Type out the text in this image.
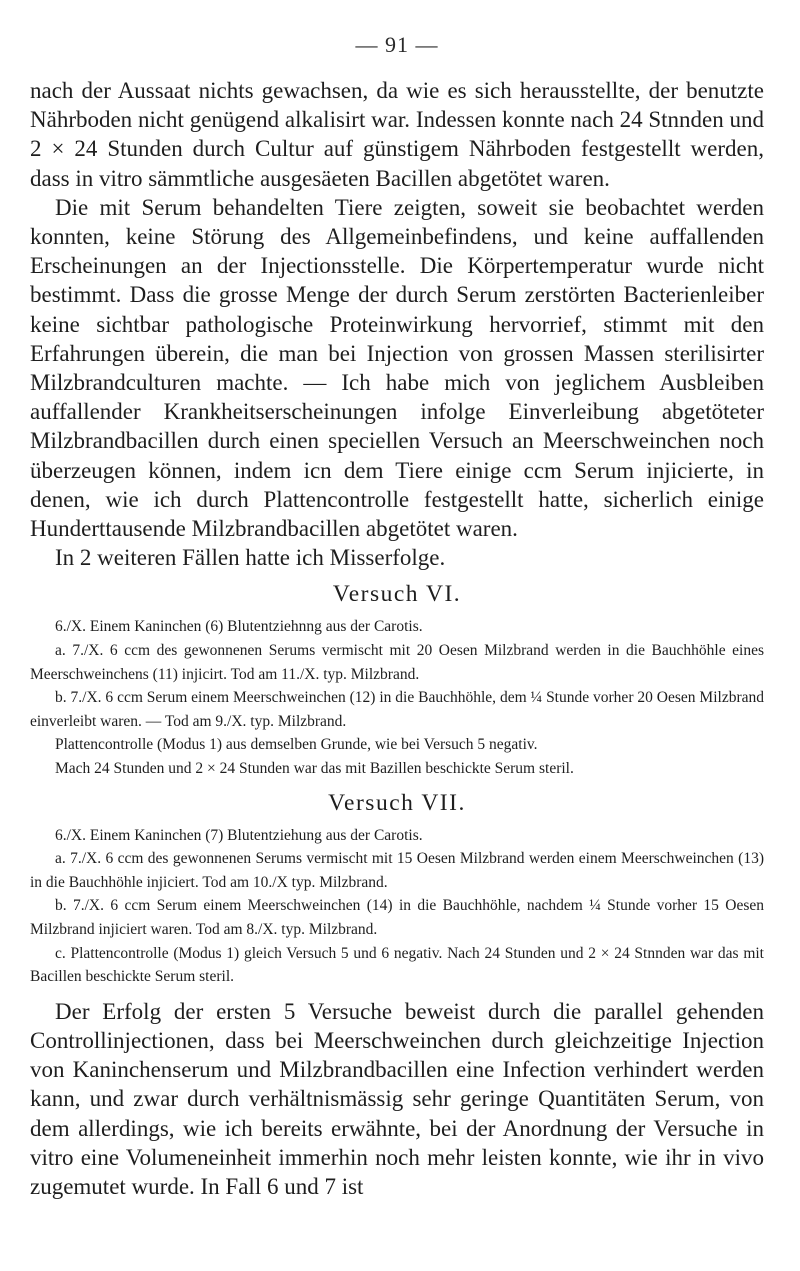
— 91 —

nach der Aussaat nichts gewachsen, da wie es sich herausstellte, der benutzte Nährboden nicht genügend alkalisirt war. Indessen konnte nach 24 Stnnden und 2 × 24 Stunden durch Cultur auf günstigem Nährboden festgestellt werden, dass in vitro sämmtliche ausgesäeten Bacillen abgetötet waren.

Die mit Serum behandelten Tiere zeigten, soweit sie beobachtet werden konnten, keine Störung des Allgemeinbefindens, und keine auffallenden Erscheinungen an der Injectionsstelle. Die Körpertemperatur wurde nicht bestimmt. Dass die grosse Menge der durch Serum zerstörten Bacterienleiber keine sichtbar pathologische Proteinwirkung hervorrief, stimmt mit den Erfahrungen überein, die man bei Injection von grossen Massen sterilisirter Milzbrandculturen machte. — Ich habe mich von jeglichem Ausbleiben auffallender Krankheitserscheinungen infolge Einverleibung abgetöteter Milzbrandbacillen durch einen speciellen Versuch an Meerschweinchen noch überzeugen können, indem icn dem Tiere einige ccm Serum injicierte, in denen, wie ich durch Plattencontrolle festgestellt hatte, sicherlich einige Hunderttausende Milzbrandbacillen abgetötet waren.

In 2 weiteren Fällen hatte ich Misserfolge.

Versuch VI.

6./X. Einem Kaninchen (6) Blutentziehnng aus der Carotis.

a. 7./X. 6 ccm des gewonnenen Serums vermischt mit 20 Oesen Milzbrand werden in die Bauchhöhle eines Meerschweinchens (11) injicirt. Tod am 11./X. typ. Milzbrand.

b. 7./X. 6 ccm Serum einem Meerschweinchen (12) in die Bauchhöhle, dem ¼ Stunde vorher 20 Oesen Milzbrand einverleibt waren. — Tod am 9./X. typ. Milzbrand.

Plattencontrolle (Modus 1) aus demselben Grunde, wie bei Versuch 5 negativ.

Mach 24 Stunden und 2 × 24 Stunden war das mit Bazillen beschickte Serum steril.

Versuch VII.

6./X. Einem Kaninchen (7) Blutentziehung aus der Carotis.

a. 7./X. 6 ccm des gewonnenen Serums vermischt mit 15 Oesen Milzbrand werden einem Meerschweinchen (13) in die Bauchhöhle injiciert. Tod am 10./X typ. Milzbrand.

b. 7./X. 6 ccm Serum einem Meerschweinchen (14) in die Bauchhöhle, nachdem ¼ Stunde vorher 15 Oesen Milzbrand injiciert waren. Tod am 8./X. typ. Milzbrand.

c. Plattencontrolle (Modus 1) gleich Versuch 5 und 6 negativ. Nach 24 Stunden und 2 × 24 Stnnden war das mit Bacillen beschickte Serum steril.

Der Erfolg der ersten 5 Versuche beweist durch die parallel gehenden Controllinjectionen, dass bei Meerschweinchen durch gleichzeitige Injection von Kaninchenserum und Milzbrandbacillen eine Infection verhindert werden kann, und zwar durch verhältnismässig sehr geringe Quantitäten Serum, von dem allerdings, wie ich bereits erwähnte, bei der Anordnung der Versuche in vitro eine Volumeneinheit immerhin noch mehr leisten konnte, wie ihr in vivo zugemutet wurde. In Fall 6 und 7 ist
